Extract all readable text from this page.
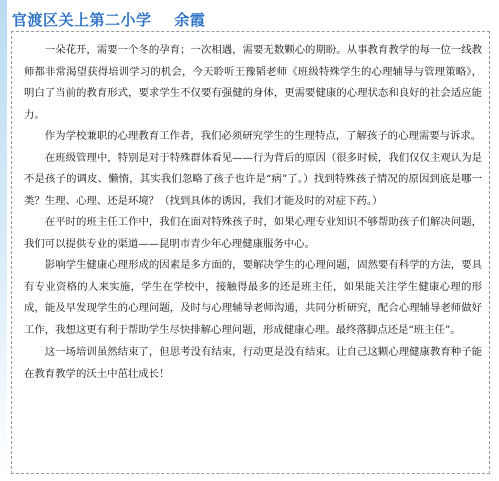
官渡区关上第二小学 余霞

一朵花开，需要一个冬的孕育；一次相遇，需要无数颗心的期盼。从事教育教学的每一位一线教师都非常渴望获得培训学习的机会，今天聆听王豫韬老师《班级特殊学生的心理辅导与管理策略》，明白了当前的教育形式，要求学生不仅要有强健的身体，更需要健康的心理状态和良好的社会适应能力。

作为学校兼职的心理教育工作者，我们必须研究学生的生理特点，了解孩子的心理需要与诉求。

在班级管理中，特别是对于特殊群体看见——行为背后的原因（很多时候，我们仅仅主观认为是不是孩子的调皮、懒惰，其实我们忽略了孩子也许是“病”了。）找到特殊孩子情况的原因到底是哪一类？生理、心理、还是环境？（找到具体的诱因，我们才能及时的对症下药。）

在平时的班主任工作中，我们在面对特殊孩子时，如果心理专业知识不够帮助孩子们解决问题，我们可以提供专业的渠道——昆明市青少年心理健康服务中心。

影响学生健康心理形成的因素是多方面的，要解决学生的心理问题，固然要有科学的方法，要具有专业资格的人来实施，学生在学校中，接触得最多的还是班主任，如果能关注学生健康心理的形成，能及早发现学生的心理问题，及时与心理辅导老师沟通，共同分析研究，配合心理辅导老师做好工作，我想这更有利于帮助学生尽快排解心理问题，形成健康心理。最终落脚点还是“班主任”。

这一场培训虽然结束了，但思考没有结束，行动更是没有结束。让自己这颗心理健康教育种子能在教育教学的沃土中茁壮成长！
